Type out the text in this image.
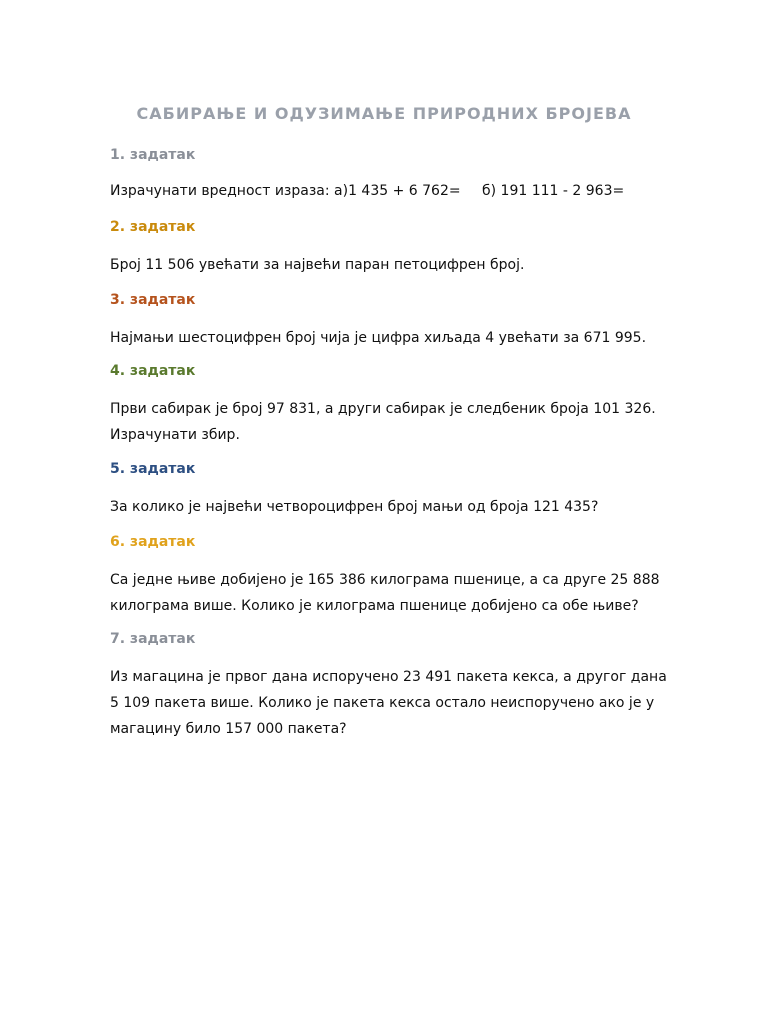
САБИРАЊЕ И ОДУЗИМАЊЕ ПРИРОДНИХ БРОЈЕВА

1. задатак

Израчунати вредност израза: а)1 435 + 6 762= б) 191 111 - 2 963=

2. задатак

Број 11 506 увећати за највећи паран петоцифрен број.

3. задатак

Најмањи шестоцифрен број чија је цифра хиљада 4 увећати за 671 995.

4. задатак

Први сабирак је број 97 831, а други сабирак је следбеник броја 101 326.

Израчунати збир.

5. задатак

За колико је највећи четвороцифрен број мањи од броја 121 435?

6. задатак

Са једне њиве добијено је 165 386 килограма пшенице, а са друге 25 888

килограма више. Колико је килограма пшенице добијено са обе њиве?

7. задатак

Из магацина је првог дана испоручено 23 491 пакета кекса, а другог дана

5 109 пакета више. Колико је пакета кекса остало неиспоручено ако је у

магацину било 157 000 пакета?
